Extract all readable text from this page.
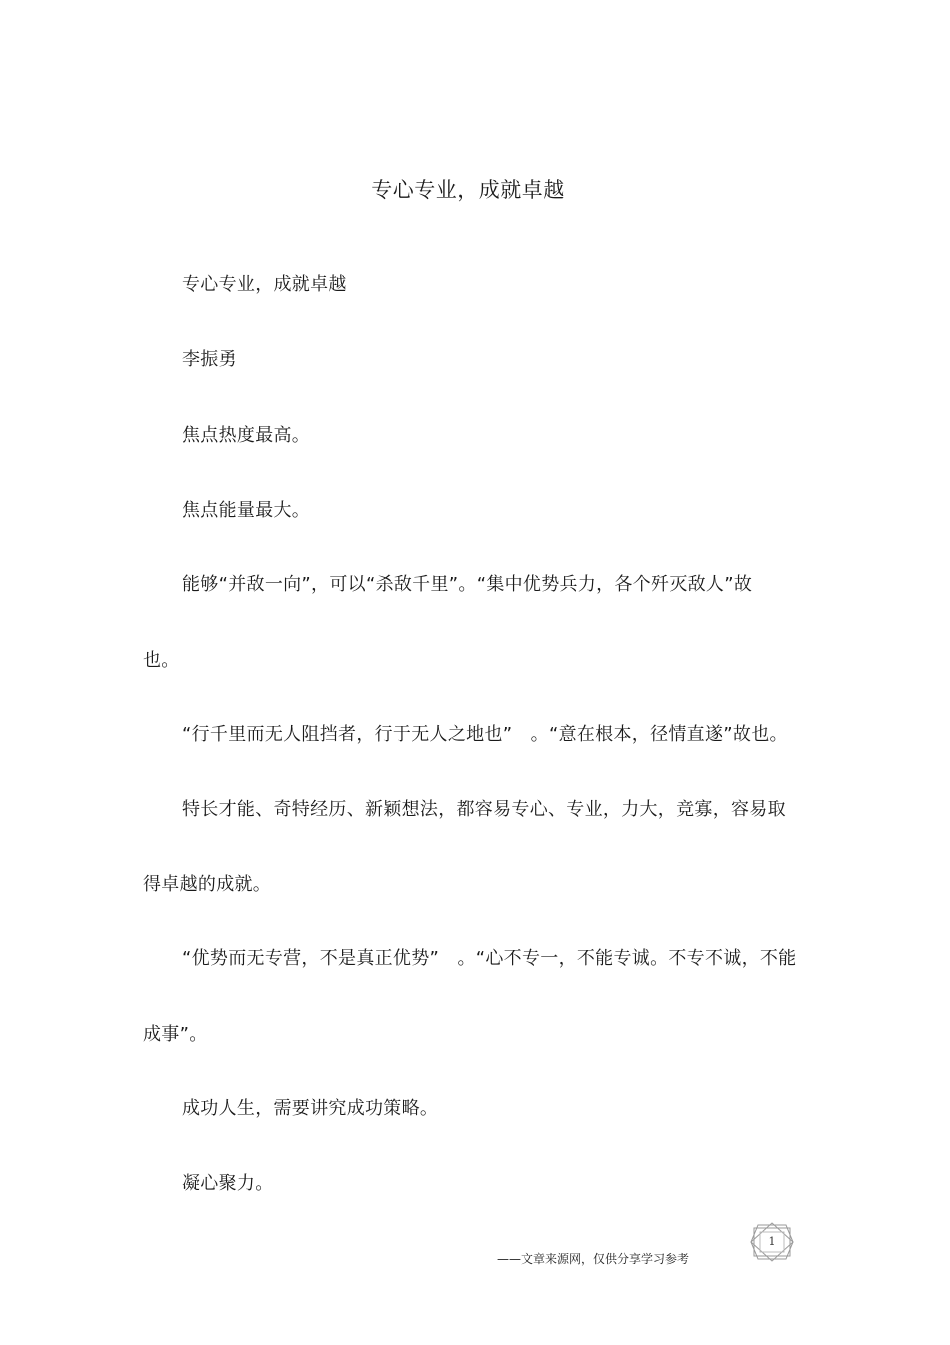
专心专业，成就卓越
专心专业，成就卓越
李振勇
焦点热度最高。
焦点能量最大。
能够“并敌一向”，可以“杀敌千里”。“集中优势兵力，各个歼灭敌人”故
也。
“行千里而无人阻挡者，行于无人之地也”　。“意在根本，径情直遂”故也。
特长才能、奇特经历、新颖想法，都容易专心、专业，力大，竞寡，容易取
得卓越的成就。
“优势而无专营，不是真正优势”　。“心不专一，不能专诚。不专不诚，不能
成事”。
成功人生，需要讲究成功策略。
凝心聚力。
——文章来源网，仅供分享学习参考
1
